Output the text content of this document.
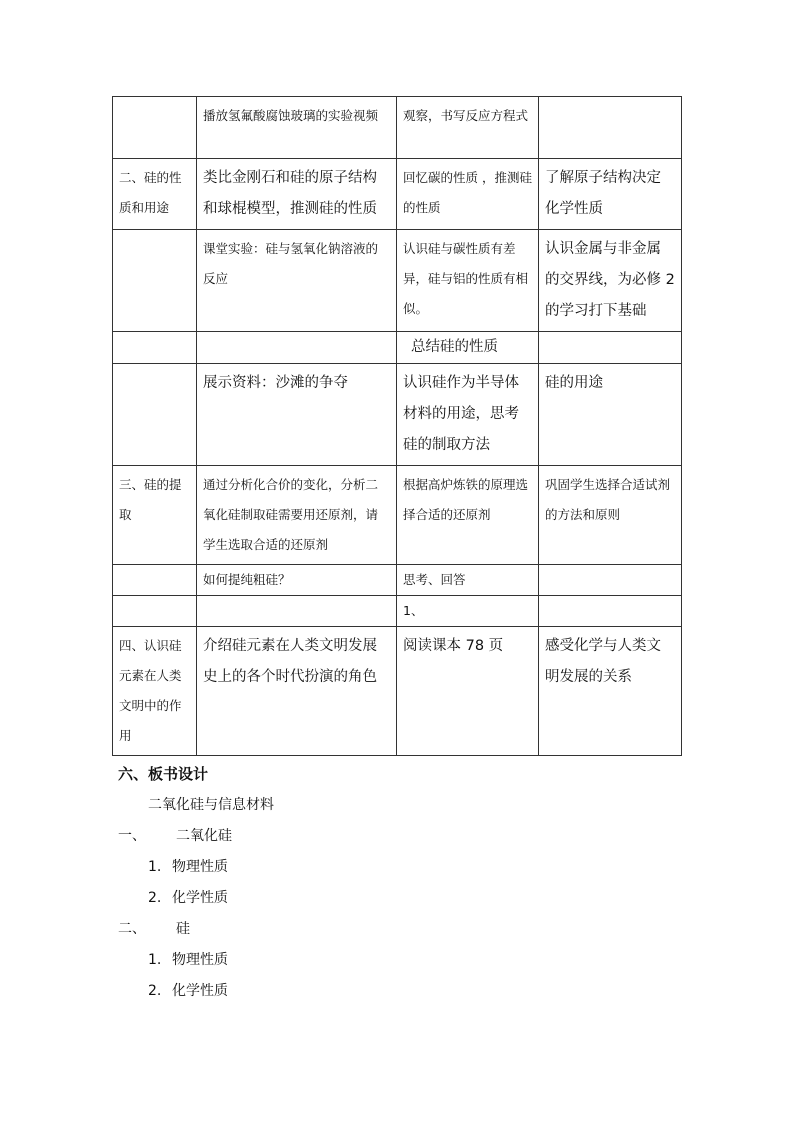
	播放氢氟酸腐蚀玻璃的实验视频	观察，书写反应方程式	
二、硅的性质和用途	类比金刚石和硅的原子结构和球棍模型，推测硅的性质	回忆碳的性质 ，推测硅的性质	了解原子结构决定化学性质
	课堂实验：硅与氢氧化钠溶液的反应	认识硅与碳性质有差异，硅与铝的性质有相似。	认识金属与非金属的交界线，为必修 2 的学习打下基础
		总结硅的性质	
	展示资料：沙滩的争夺	认识硅作为半导体材料的用途，思考硅的制取方法	硅的用途
三、硅的提取	通过分析化合价的变化，分析二氧化硅制取硅需要用还原剂，请学生选取合适的还原剂	根据高炉炼铁的原理选择合适的还原剂	巩固学生选择合适试剂的方法和原则
	如何提纯粗硅？	思考、回答	
		1、	
四、认识硅元素在人类文明中的作用	介绍硅元素在人类文明发展史上的各个时代扮演的角色	阅读课本 78 页	感受化学与人类文明发展的关系
六、板书设计
二氧化硅与信息材料
一、	二氧化硅
1. 物理性质
2. 化学性质
二、	硅
1. 物理性质
2. 化学性质
